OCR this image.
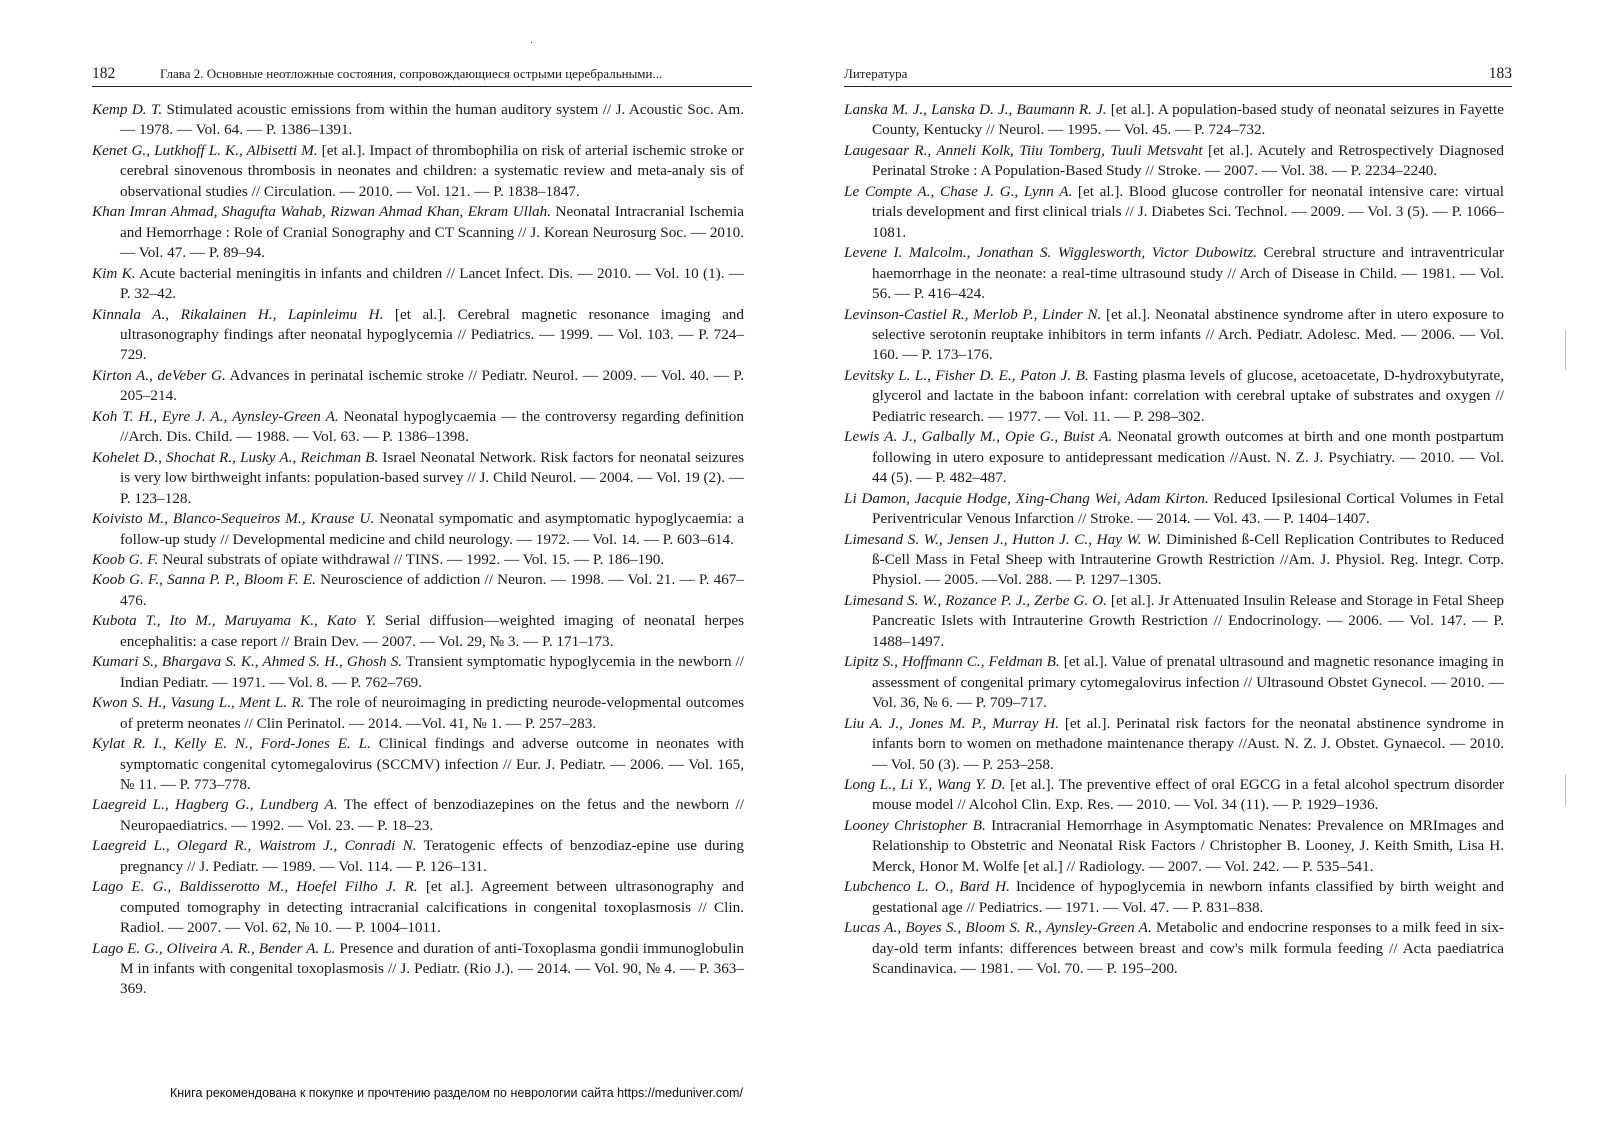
182	Глава 2. Основные неотложные состояния, сопровождающиеся острыми церебральными...
Kemp D. T. Stimulated acoustic emissions from within the human auditory system // J. Acoustic Soc. Am. — 1978. — Vol. 64. — P. 1386–1391.
Kenet G., Lutkhoff L. K., Albisetti M. [et al.]. Impact of thrombophilia on risk of arterial ischemic stroke or cerebral sinovenous thrombosis in neonates and children: a systematic review and meta-analy sis of observational studies // Circulation. — 2010. — Vol. 121. — P. 1838–1847.
Khan Imran Ahmad, Shagufta Wahab, Rizwan Ahmad Khan, Ekram Ullah. Neonatal Intracranial Ischemia and Hemorrhage : Role of Cranial Sonography and CT Scanning // J. Korean Neurosurg Soc. — 2010. — Vol. 47. — P. 89–94.
Kim K. Acute bacterial meningitis in infants and children // Lancet Infect. Dis. — 2010. — Vol. 10 (1). — P. 32–42.
Kinnala A., Rikalainen H., Lapinleimu H. [et al.]. Cerebral magnetic resonance imaging and ultrasonography findings after neonatal hypoglycemia // Pediatrics. — 1999. — Vol. 103. — P. 724–729.
Kirton A., deVeber G. Advances in perinatal ischemic stroke // Pediatr. Neurol. — 2009. — Vol. 40. — P. 205–214.
Koh T. H., Eyre J. A., Aynsley-Green A. Neonatal hypoglycaemia — the controversy regarding definition //Arch. Dis. Child. — 1988. — Vol. 63. — P. 1386–1398.
Kohelet D., Shochat R., Lusky A., Reichman B. Israel Neonatal Network. Risk factors for neonatal seizures is very low birthweight infants: population-based survey // J. Child Neurol. — 2004. — Vol. 19 (2). — P. 123–128.
Koivisto M., Blanco-Sequeiros M., Krause U. Neonatal sympomatic and asymptomatic hypoglycaemia: a follow-up study // Developmental medicine and child neurology. — 1972. — Vol. 14. — P. 603–614.
Koob G. F. Neural substrats of opiate withdrawal // TINS. — 1992. — Vol. 15. — P. 186–190.
Koob G. F., Sanna P. P., Bloom F. E. Neuroscience of addiction // Neuron. — 1998. — Vol. 21. — P. 467–476.
Kubota T., Ito M., Maruyama K., Kato Y. Serial diffusion—weighted imaging of neonatal herpes encephalitis: a case report // Brain Dev. — 2007. — Vol. 29, № 3. — P. 171–173.
Kumari S., Bhargava S. K., Ahmed S. H., Ghosh S. Transient symptomatic hypoglycemia in the newborn // Indian Pediatr. — 1971. — Vol. 8. — P. 762–769.
Kwon S. H., Vasung L., Ment L. R. The role of neuroimaging in predicting neurode-velopmental outcomes of preterm neonates // Clin Perinatol. — 2014. —Vol. 41, № 1. — P. 257–283.
Kylat R. I., Kelly E. N., Ford-Jones E. L. Clinical findings and adverse outcome in neonates with symptomatic congenital cytomegalovirus (SCCMV) infection // Eur. J. Pediatr. — 2006. — Vol. 165, № 11. — P. 773–778.
Laegreid L., Hagberg G., Lundberg A. The effect of benzodiazepines on the fetus and the newborn // Neuropaediatrics. — 1992. — Vol. 23. — P. 18–23.
Laegreid L., Olegard R., Waistrom J., Conradi N. Teratogenic effects of benzodiaz-epine use during pregnancy // J. Pediatr. — 1989. — Vol. 114. — P. 126–131.
Lago E. G., Baldisserotto M., Hoefel Filho J. R. [et al.]. Agreement between ultrasonography and computed tomography in detecting intracranial calcifications in congenital toxoplasmosis // Clin. Radiol. — 2007. — Vol. 62, № 10. — P. 1004–1011.
Lago E. G., Oliveira A. R., Bender A. L. Presence and duration of anti-Toxoplasma gondii immunoglobulin M in infants with congenital toxoplasmosis // J. Pediatr. (Rio J.). — 2014. — Vol. 90, № 4. — P. 363–369.
Литература	183
Lanska M. J., Lanska D. J., Baumann R. J. [et al.]. A population-based study of neonatal seizures in Fayette County, Kentucky // Neurol. — 1995. — Vol. 45. — P. 724–732.
Laugesaar R., Anneli Kolk, Tiiu Tomberg, Tuuli Metsvaht [et al.]. Acutely and Retrospectively Diagnosed Perinatal Stroke : A Population-Based Study // Stroke. — 2007. — Vol. 38. — P. 2234–2240.
Le Compte A., Chase J. G., Lynn A. [et al.]. Blood glucose controller for neonatal intensive care: virtual trials development and first clinical trials // J. Diabetes Sci. Technol. — 2009. — Vol. 3 (5). — P. 1066–1081.
Levene I. Malcolm., Jonathan S. Wigglesworth, Victor Dubowitz. Cerebral structure and intraventricular haemorrhage in the neonate: a real-time ultrasound study // Arch of Disease in Child. — 1981. — Vol. 56. — P. 416–424.
Levinson-Castiel R., Merlob P., Linder N. [et al.]. Neonatal abstinence syndrome after in utero exposure to selective serotonin reuptake inhibitors in term infants // Arch. Pediatr. Adolesc. Med. — 2006. — Vol. 160. — P. 173–176.
Levitsky L. L., Fisher D. E., Paton J. B. Fasting plasma levels of glucose, acetoacetate, D-hydroxybutyrate, glycerol and lactate in the baboon infant: correlation with cerebral uptake of substrates and oxygen // Pediatric research. — 1977. — Vol. 11. — P. 298–302.
Lewis A. J., Galbally M., Opie G., Buist A. Neonatal growth outcomes at birth and one month postpartum following in utero exposure to antidepressant medication //Aust. N. Z. J. Psychiatry. — 2010. — Vol. 44 (5). — P. 482–487.
Li Damon, Jacquie Hodge, Xing-Chang Wei, Adam Kirton. Reduced Ipsilesional Cortical Volumes in Fetal Periventricular Venous Infarction // Stroke. — 2014. — Vol. 43. — P. 1404–1407.
Limesand S. W., Jensen J., Hutton J. C., Hay W. W. Diminished ß-Cell Replication Contributes to Reduced ß-Cell Mass in Fetal Sheep with Intrauterine Growth Restriction //Am. J. Physiol. Reg. Integr. Сотр. Physiol. — 2005. —Vol. 288. — P. 1297–1305.
Limesand S. W., Rozance P. J., Zerbe G. O. [et al.]. Jr Attenuated Insulin Release and Storage in Fetal Sheep Pancreatic Islets with Intrauterine Growth Restriction // Endocrinology. — 2006. — Vol. 147. — P. 1488–1497.
Lipitz S., Hoffmann C., Feldman B. [et al.]. Value of prenatal ultrasound and magnetic resonance imaging in assessment of congenital primary cytomegalovirus infection // Ultrasound Obstet Gynecol. — 2010. — Vol. 36, № 6. — P. 709–717.
Liu A. J., Jones M. P., Murray H. [et al.]. Perinatal risk factors for the neonatal abstinence syndrome in infants born to women on methadone maintenance therapy //Aust. N. Z. J. Obstet. Gynaecol. — 2010. — Vol. 50 (3). — P. 253–258.
Long L., Li Y., Wang Y. D. [et al.]. The preventive effect of oral EGCG in a fetal alcohol spectrum disorder mouse model // Alcohol Clin. Exp. Res. — 2010. — Vol. 34 (11). — P. 1929–1936.
Looney Christopher B. Intracranial Hemorrhage in Asymptomatic Nenates: Prevalence on MRImages and Relationship to Obstetric and Neonatal Risk Factors / Christopher B. Looney, J. Keith Smith, Lisa H. Merck, Honor M. Wolfe [et al.] // Radiology. — 2007. — Vol. 242. — P. 535–541.
Lubchenco L. O., Bard H. Incidence of hypoglycemia in newborn infants classified by birth weight and gestational age // Pediatrics. — 1971. — Vol. 47. — P. 831–838.
Lucas A., Boyes S., Bloom S. R., Aynsley-Green A. Metabolic and endocrine responses to a milk feed in six-day-old term infants: differences between breast and cow's milk formula feeding // Acta paediatrica Scandinavica. — 1981. — Vol. 70. — P. 195–200.
Книга рекомендована к покупке и прочтению разделом по неврологии сайта https://meduniver.com/
